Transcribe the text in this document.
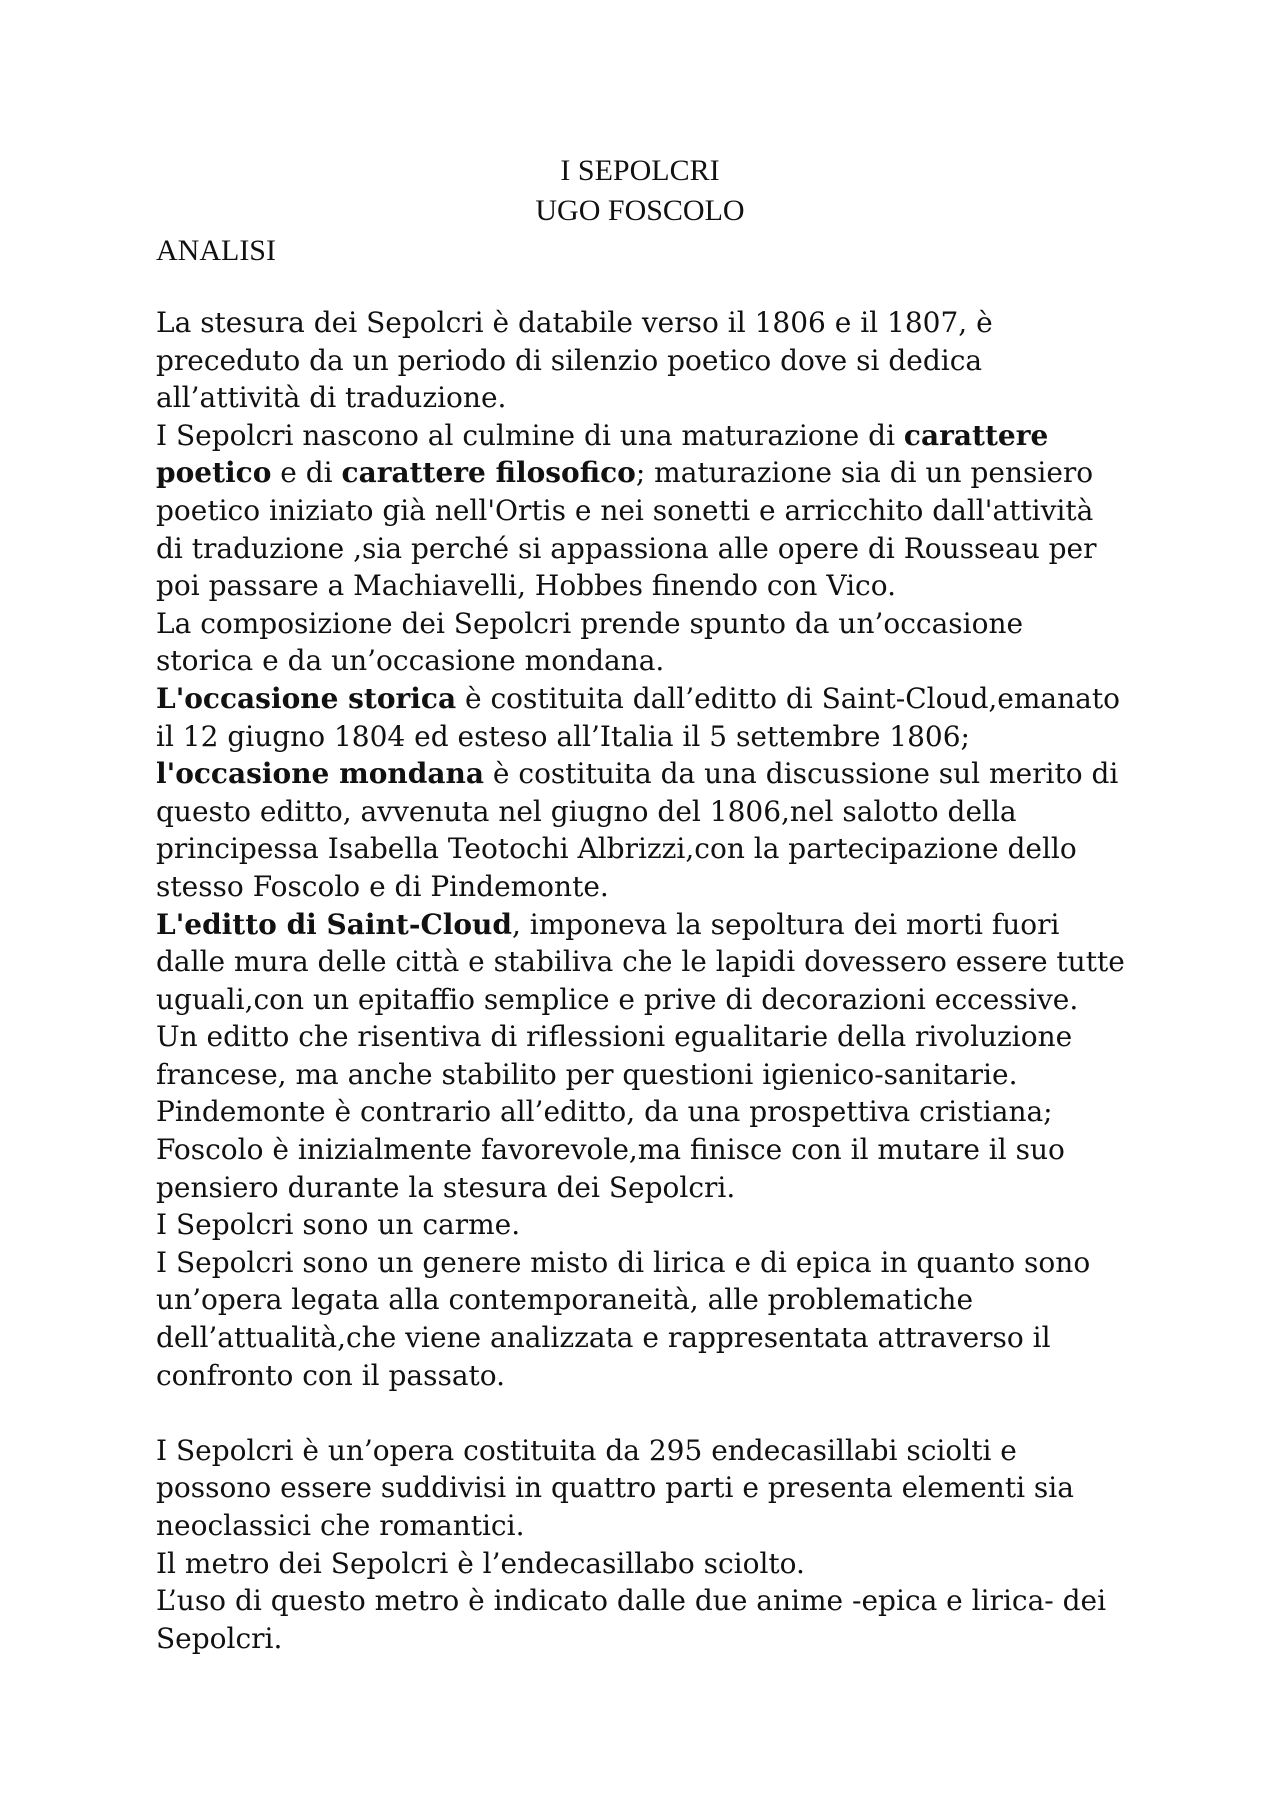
I SEPOLCRI
UGO FOSCOLO
ANALISI
La stesura dei Sepolcri è databile verso il 1806 e il 1807, è
preceduto da un periodo di silenzio poetico dove si dedica
all’attività di traduzione.
I Sepolcri nascono al culmine di una maturazione di carattere
poetico e di carattere filosofico; maturazione sia di un pensiero
poetico iniziato già nell'Ortis e nei sonetti e arricchito dall'attività
di traduzione ,sia perché si appassiona alle opere di Rousseau per
poi passare a Machiavelli, Hobbes finendo con Vico.
La composizione dei Sepolcri prende spunto da un’occasione
storica e da un’occasione mondana.
L'occasione storica è costituita dall’editto di Saint-Cloud,emanato
il 12 giugno 1804 ed esteso all’Italia il 5 settembre 1806;
l'occasione mondana è costituita da una discussione sul merito di
questo editto, avvenuta nel giugno del 1806,nel salotto della
principessa Isabella Teotochi Albrizzi,con la partecipazione dello
stesso Foscolo e di Pindemonte.
L'editto di Saint-Cloud, imponeva la sepoltura dei morti fuori
dalle mura delle città e stabiliva che le lapidi dovessero essere tutte
uguali,con un epitaffio semplice e prive di decorazioni eccessive.
Un editto che risentiva di riflessioni egualitarie della rivoluzione
francese, ma anche stabilito per questioni igienico-sanitarie.
Pindemonte è contrario all’editto, da una prospettiva cristiana;
Foscolo è inizialmente favorevole,ma finisce con il mutare il suo
pensiero durante la stesura dei Sepolcri.
I Sepolcri sono un carme.
I Sepolcri sono un genere misto di lirica e di epica in quanto sono
un’opera legata alla contemporaneità, alle problematiche
dell’attualità,che viene analizzata e rappresentata attraverso il
confronto con il passato.
I Sepolcri è un’opera costituita da 295 endecasillabi sciolti e
possono essere suddivisi in quattro parti e presenta elementi sia
neoclassici che romantici.
Il metro dei Sepolcri è l’endecasillabo sciolto.
L’uso di questo metro è indicato dalle due anime -epica e lirica- dei
Sepolcri.
